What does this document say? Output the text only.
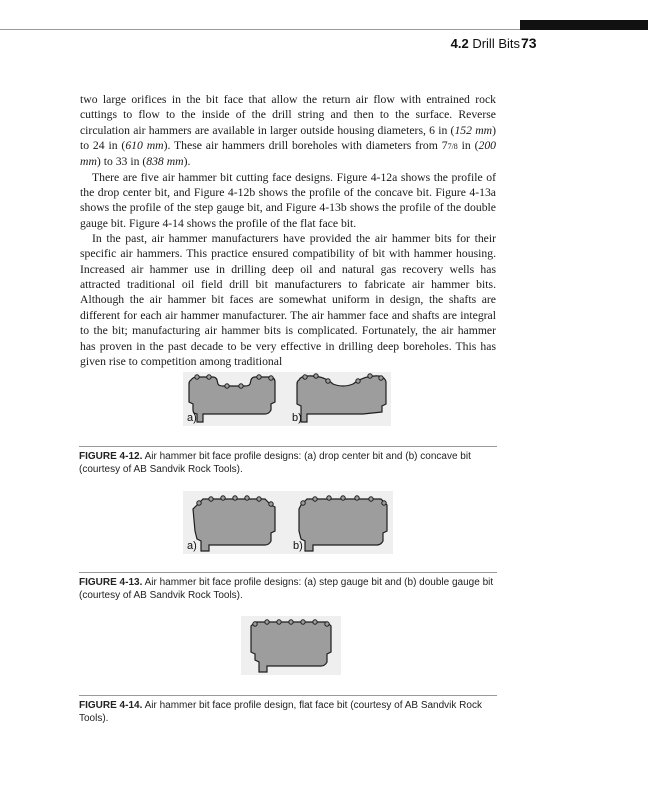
4.2 Drill Bits 73

two large orifices in the bit face that allow the return air flow with entrained rock cuttings to flow to the inside of the drill string and then to the surface. Reverse circulation air hammers are available in larger outside housing diameters, 6 in (152 mm) to 24 in (610 mm). These air hammers drill boreholes with diameters from 77/8 in (200 mm) to 33 in (838 mm).

There are five air hammer bit cutting face designs. Figure 4-12a shows the profile of the drop center bit, and Figure 4-12b shows the profile of the concave bit. Figure 4-13a shows the profile of the step gauge bit, and Figure 4-13b shows the profile of the double gauge bit. Figure 4-14 shows the profile of the flat face bit.

In the past, air hammer manufacturers have provided the air hammer bits for their specific air hammers. This practice ensured compatibility of bit with hammer housing. Increased air hammer use in drilling deep oil and natural gas recovery wells has attracted traditional oil field drill bit manufacturers to fabricate air hammer bits. Although the air hammer bit faces are somewhat uniform in design, the shafts are different for each air hammer manufacturer. The air hammer face and shafts are integral to the bit; manufacturing air hammer bits is complicated. Fortunately, the air hammer has proven in the past decade to be very effective in drilling deep boreholes. This has given rise to competition among traditional

a)	b)
FIGURE 4-12. Air hammer bit face profile designs: (a) drop center bit and (b) concave bit (courtesy of AB Sandvik Rock Tools).
a)	b)
FIGURE 4-13. Air hammer bit face profile designs: (a) step gauge bit and (b) double gauge bit (courtesy of AB Sandvik Rock Tools).
FIGURE 4-14. Air hammer bit face profile design, flat face bit (courtesy of AB Sandvik Rock Tools).
